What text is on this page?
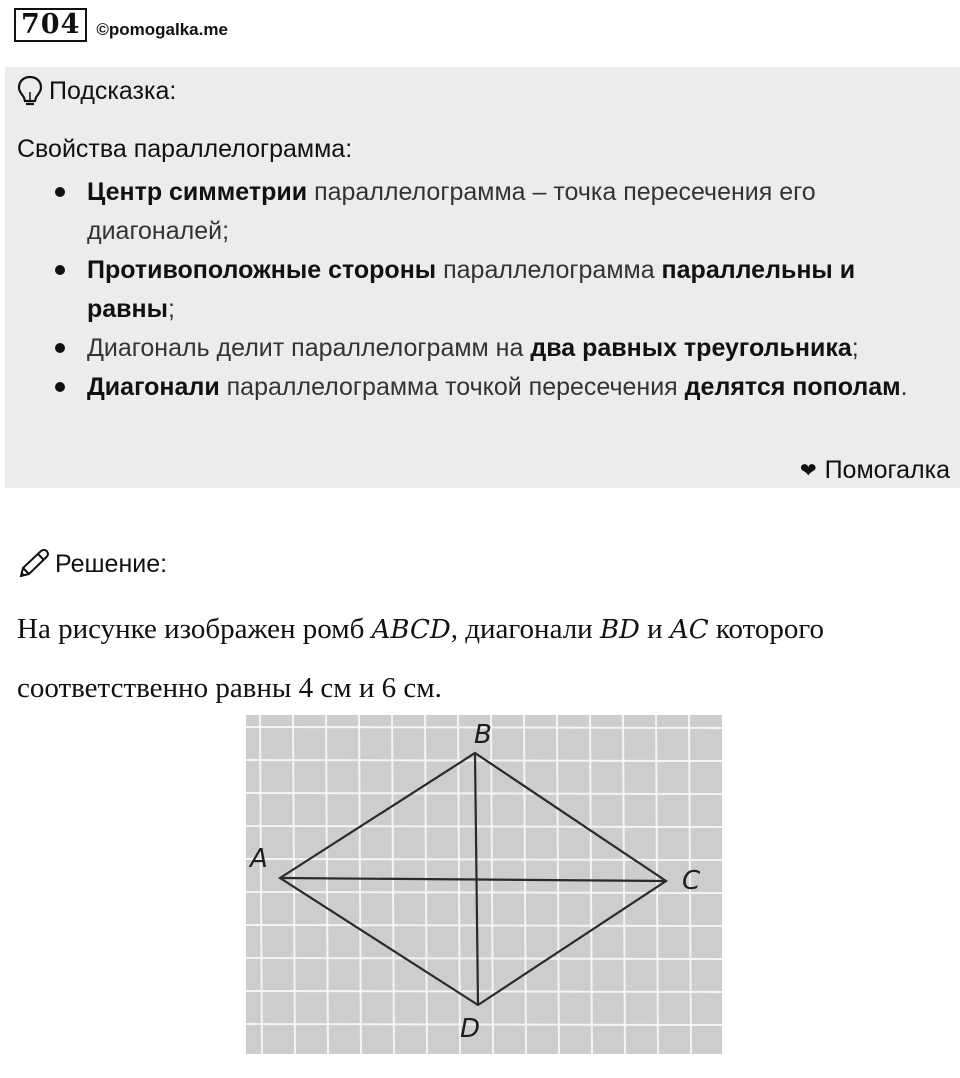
704 ©pomogalka.me
Подсказка:
Свойства параллелограмма:
Центр симметрии параллелограмма – точка пересечения его диагоналей;
Противоположные стороны параллелограмма параллельны и равны;
Диагональ делит параллелограмм на два равных треугольника;
Диагонали параллелограмма точкой пересечения делятся пополам.
❤ Помогалка
Решение:
На рисунке изображен ромб ABCD, диагонали BD и AC которого соответственно равны 4 см и 6 см.
A
B
C
D
